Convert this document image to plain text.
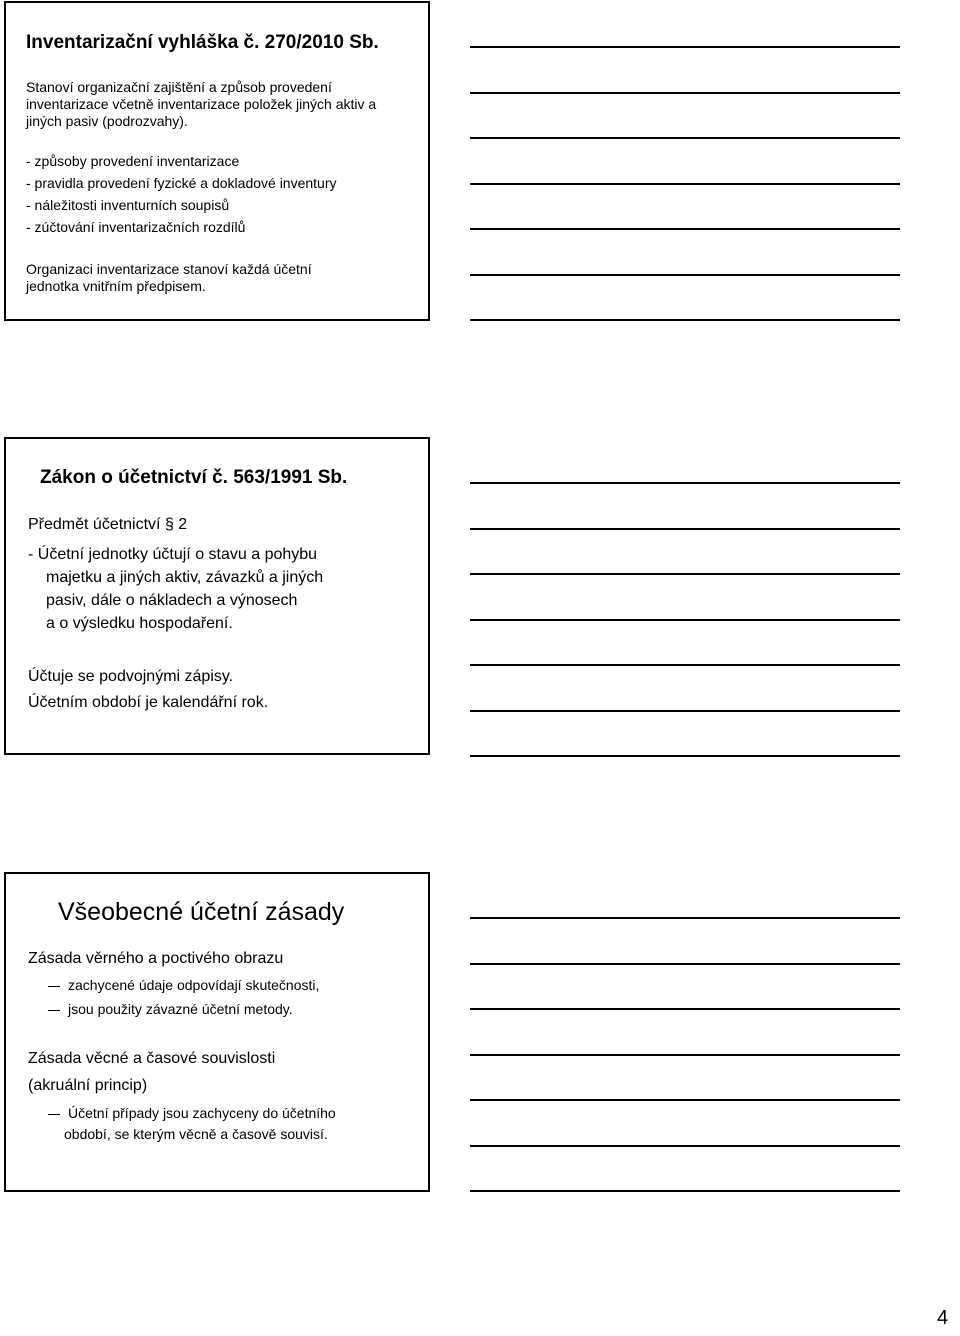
Inventarizační vyhláška č. 270/2010 Sb.
Stanoví organizační zajištění a způsob provedení inventarizace včetně inventarizace položek jiných aktiv a jiných pasiv (podrozvahy).
- způsoby provedení inventarizace
- pravidla provedení fyzické a dokladové inventury
- náležitosti inventurních soupisů
- zúčtování inventarizačních rozdílů
Organizaci inventarizace stanoví každá účetní jednotka vnitřním předpisem.
Zákon o účetnictví č. 563/1991 Sb.
Předmět účetnictví § 2
- Účetní jednotky účtují o stavu a pohybu
majetku a jiných aktiv, závazků a jiných
pasiv, dále o nákladech a výnosech
a o výsledku hospodaření.
Účtuje se podvojnými zápisy.
Účetním období je kalendářní rok.
Všeobecné účetní zásady
Zásada věrného a poctivého obrazu
zachycené údaje odpovídají skutečnosti,
jsou použity závazné účetní metody.
Zásada věcné a časové souvislosti
(akruální princip)
Účetní případy jsou zachyceny do účetního
období, se kterým věcně a časově souvisí.
4
